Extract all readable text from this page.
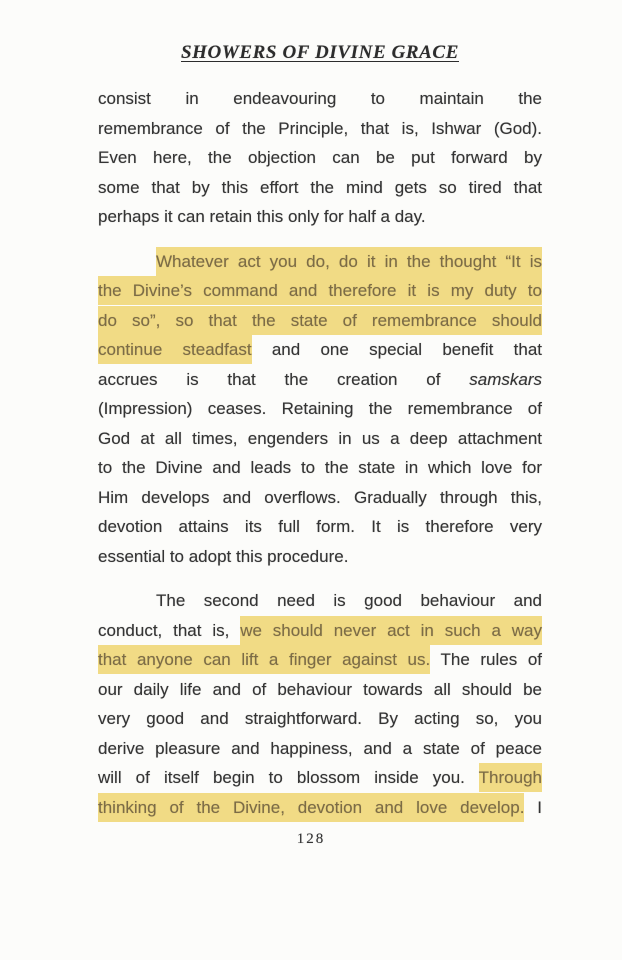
SHOWERS OF DIVINE GRACE
consist in endeavouring to maintain the
remembrance of the Principle, that is, Ishwar (God).
Even here, the objection can be put forward by
some that by this effort the mind gets so tired that
perhaps it can retain this only for half a day.
Whatever act you do, do it in the thought “It is
the Divine’s command and therefore it is my duty to
do so”, so that the state of remembrance should
continue steadfast and one special benefit that
accrues is that the creation of samskars
(Impression) ceases. Retaining the remembrance of
God at all times, engenders in us a deep attachment
to the Divine and leads to the state in which love for
Him develops and overflows. Gradually through this,
devotion attains its full form. It is therefore very
essential to adopt this procedure.
The second need is good behaviour and
conduct, that is, we should never act in such a way
that anyone can lift a finger against us. The rules of
our daily life and of behaviour towards all should be
very good and straightforward. By acting so, you
derive pleasure and happiness, and a state of peace
will of itself begin to blossom inside you. Through
thinking of the Divine, devotion and love develop. I
128
